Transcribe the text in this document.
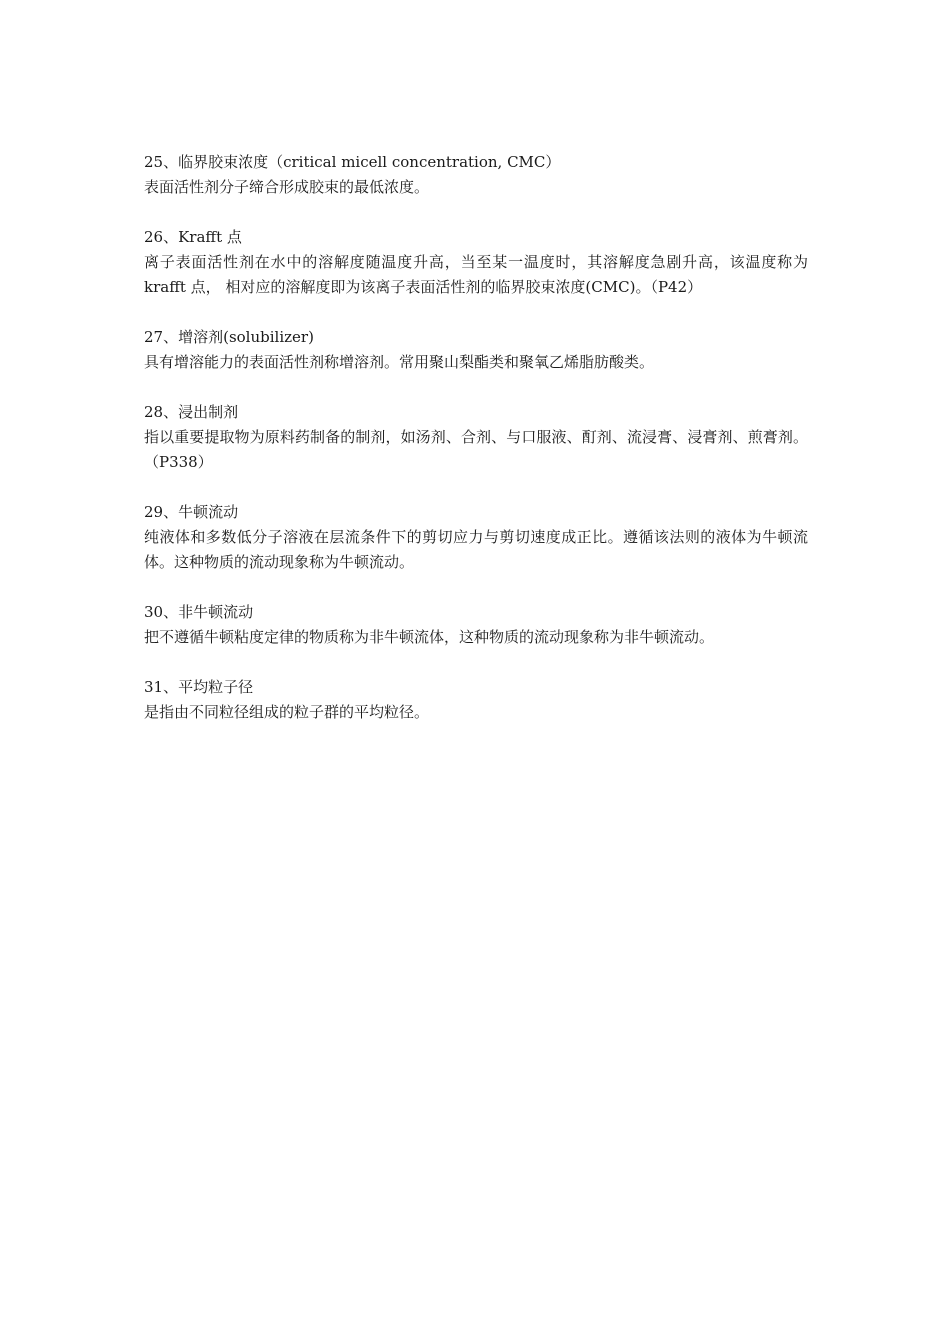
25、临界胶束浓度（critical micell concentration, CMC）

表面活性剂分子缔合形成胶束的最低浓度。

26、Krafft 点

离子表面活性剂在水中的溶解度随温度升高，当至某一温度时，其溶解度急剧升高，该温度称为 krafft 点， 相对应的溶解度即为该离子表面活性剂的临界胶束浓度(CMC)。（P42）

27、增溶剂(solubilizer)

具有增溶能力的表面活性剂称增溶剂。常用聚山梨酯类和聚氧乙烯脂肪酸类。

28、浸出制剂

指以重要提取物为原料药制备的制剂，如汤剂、合剂、与口服液、酊剂、流浸膏、浸膏剂、煎膏剂。（P338）

29、牛顿流动

纯液体和多数低分子溶液在层流条件下的剪切应力与剪切速度成正比。遵循该法则的液体为牛顿流体。这种物质的流动现象称为牛顿流动。

30、非牛顿流动

把不遵循牛顿粘度定律的物质称为非牛顿流体，这种物质的流动现象称为非牛顿流动。

31、平均粒子径

是指由不同粒径组成的粒子群的平均粒径。
